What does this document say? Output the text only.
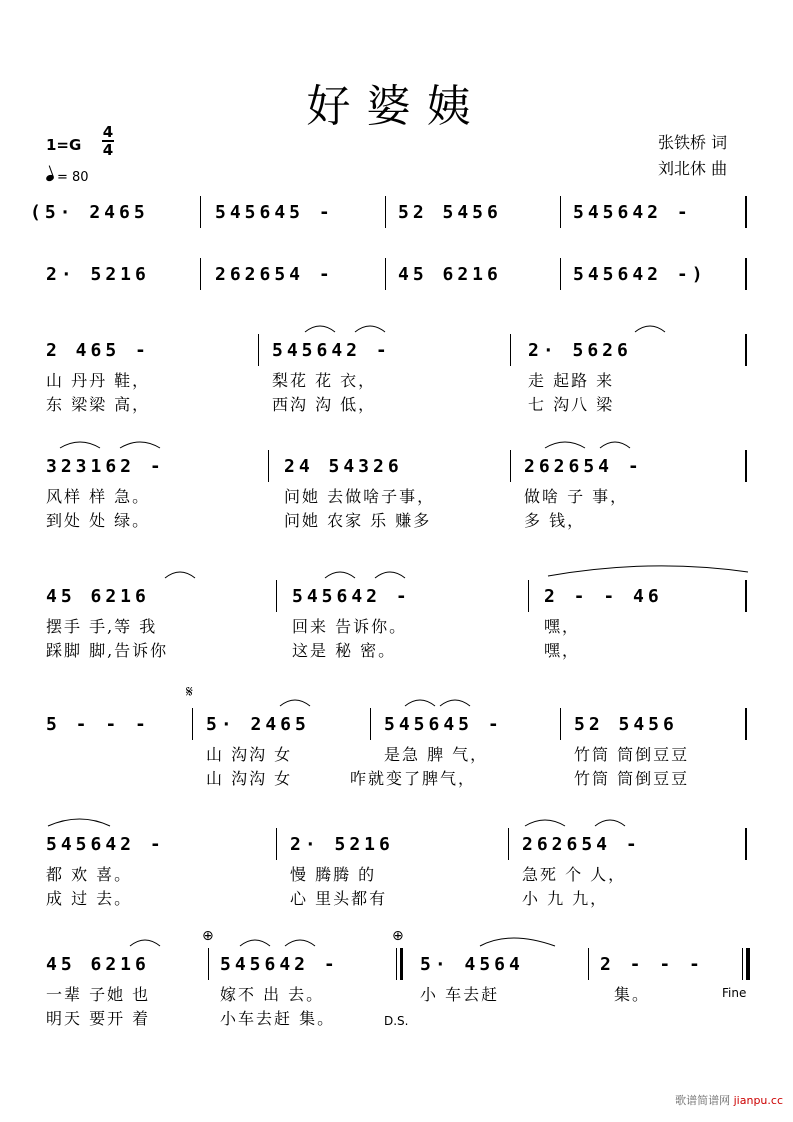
好婆姨
1=G
4
4
= 80
张铁桥 词
刘北休 曲
(5· 2465	545645 -	52 5456	545642 -
2· 5216	262654 -	45 6216	545642 -)
2 465 -	545642 -	2· 5626
山 丹丹 鞋，	梨花 花 衣，	走 起路 来
东 梁梁 高，	西沟 沟 低，	七 沟八 梁
323162 -	24 54326	262654 -
风样 样 急。	问她 去做啥子事，	做啥 子 事，
到处 处 绿。	问她 农家 乐 赚多	多 钱，
45 6216	545642 -	2 - - 46
摆手 手,等 我	回来 告诉你。	嘿，
踩脚 脚,告诉你	这是 秘 密。	嘿，
𝄋
5 - - -	5· 2465	545645 -	52 5456
山 沟沟 女	是急 脾 气，	竹筒 筒倒豆豆
山 沟沟 女	咋就变了脾气，	竹筒 筒倒豆豆
545642 -	2· 5216	262654 -
都 欢 喜。	慢 腾腾 的	急死 个 人，
成 过 去。	心 里头都有	小 九 九，
⊕	⊕
45 6216	545642 -	5· 4564	2 - - -
一辈 子她 也	嫁不 出 去。	小 车去赶	集。
明天 要开 着	小车去赶 集。	D.S.
Fine
歌谱简谱网 jianpu.cc
